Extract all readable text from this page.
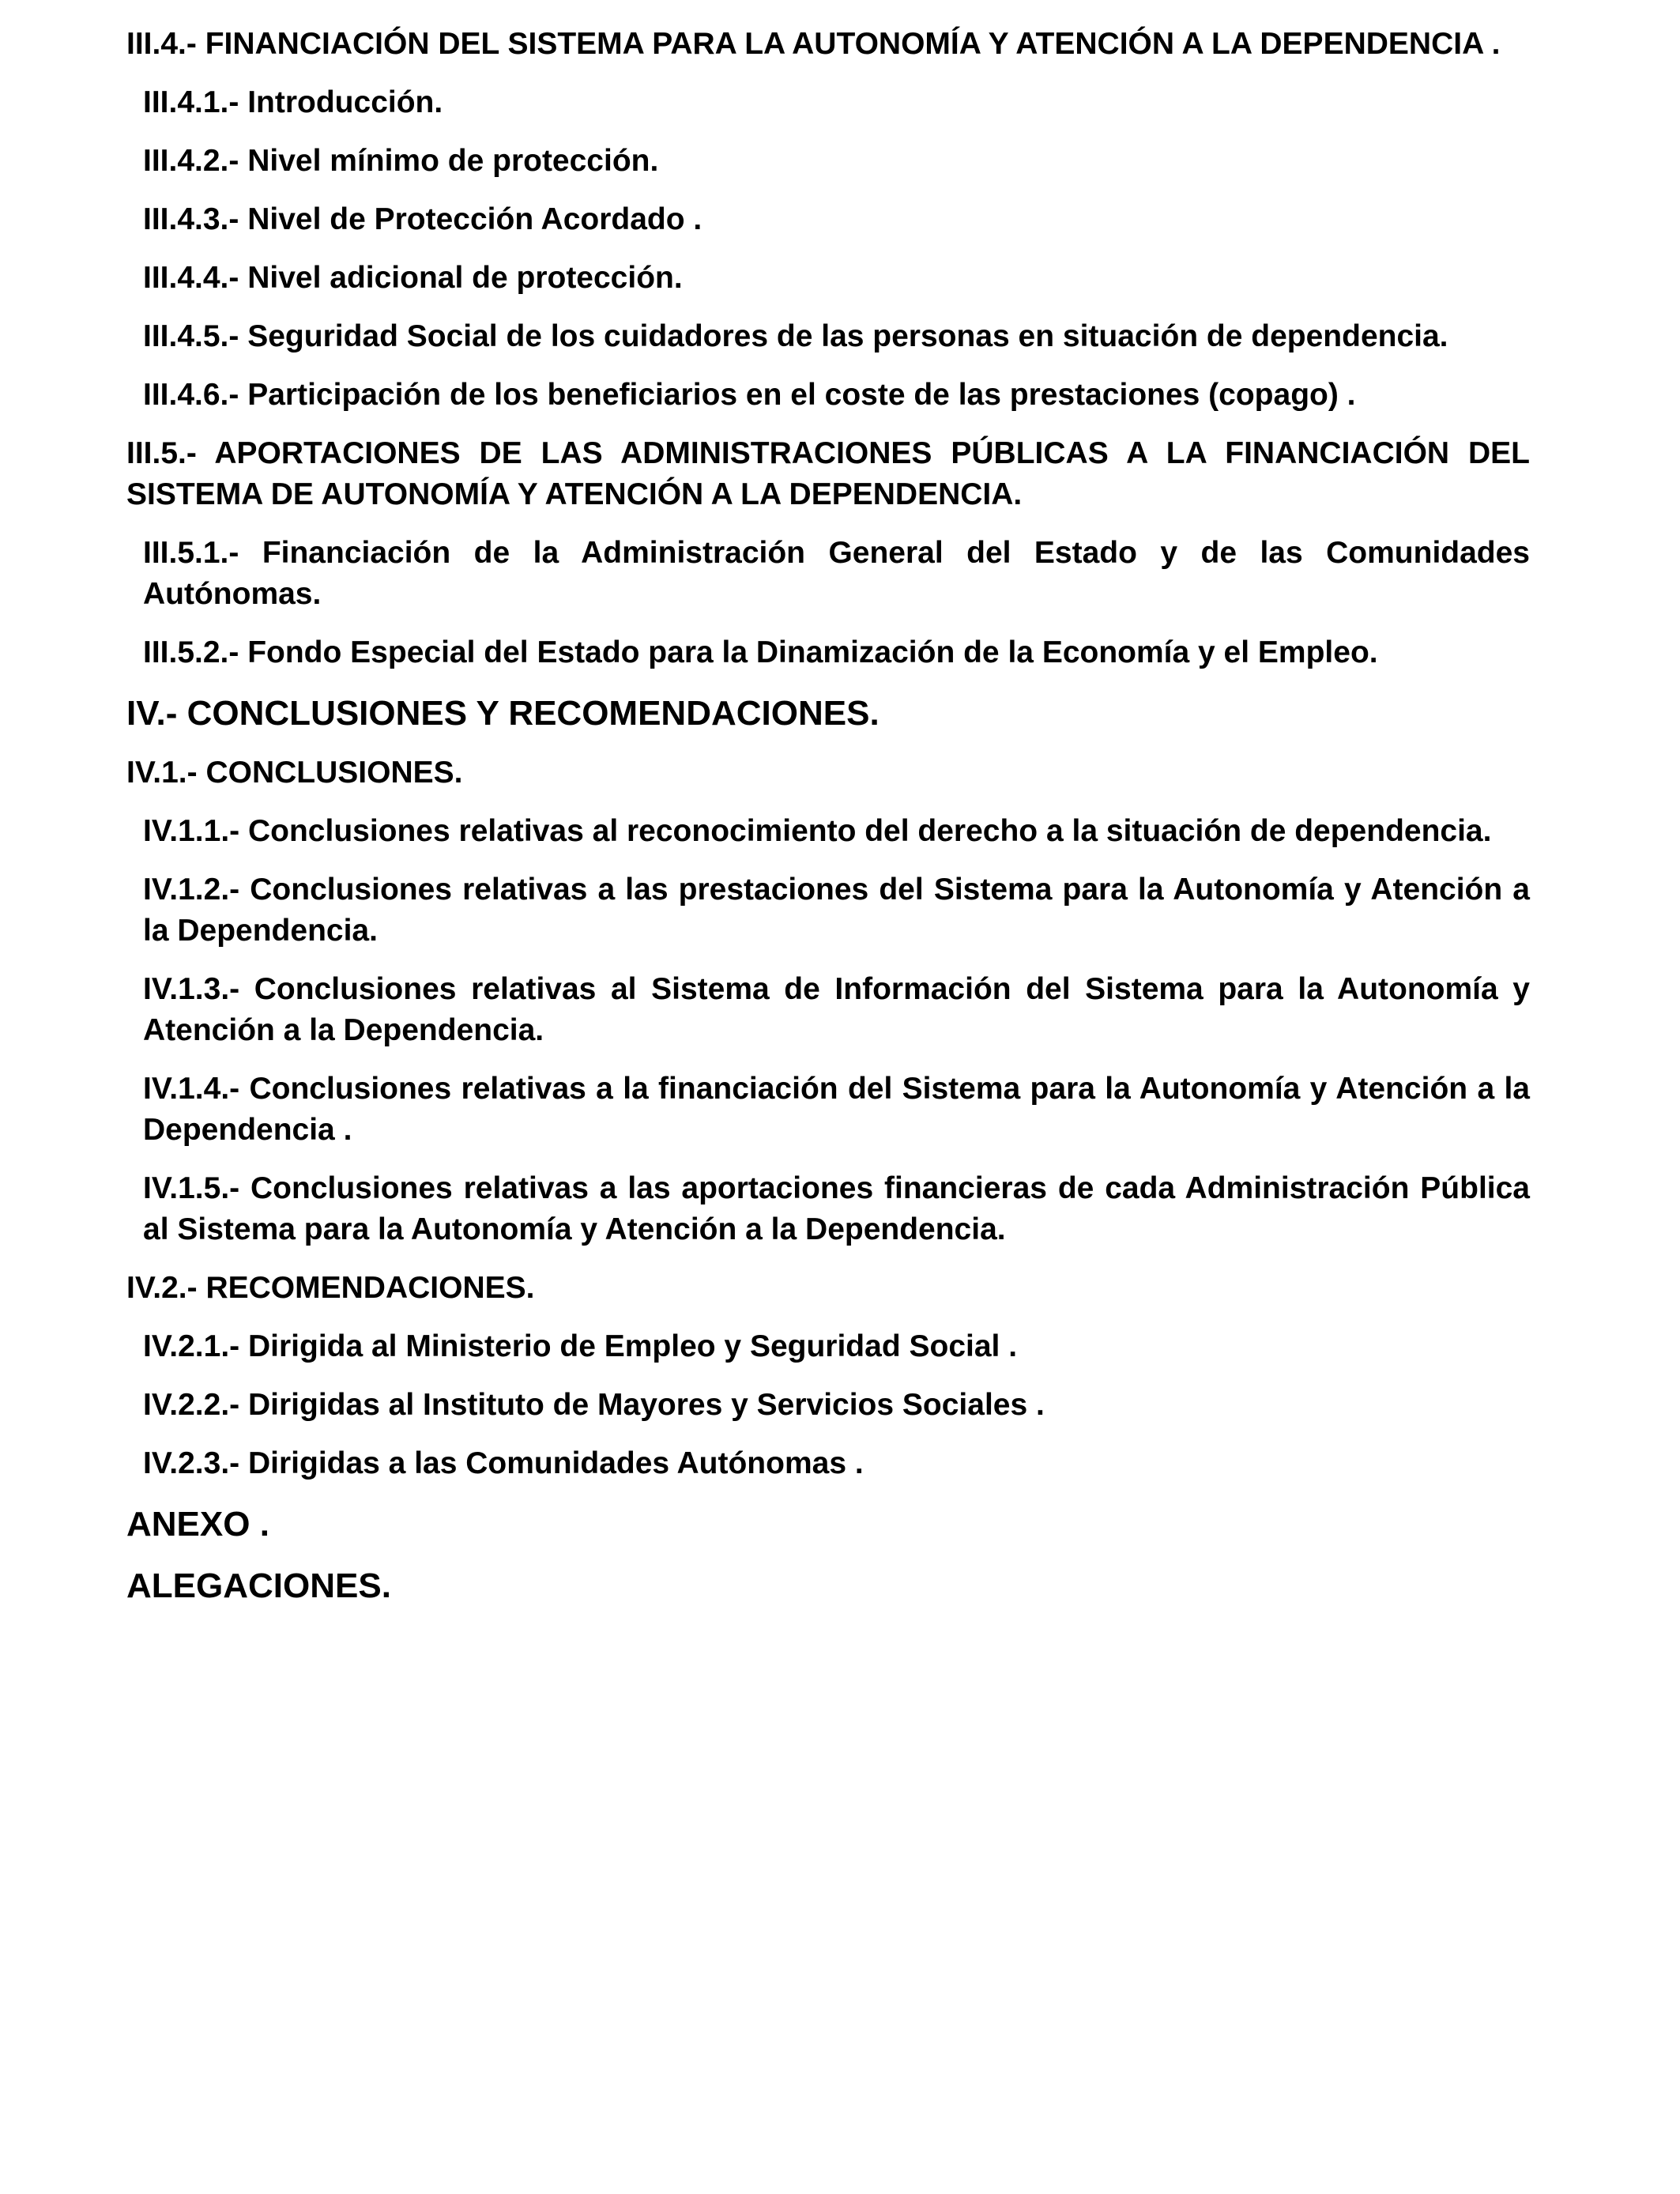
III.4.- FINANCIACIÓN DEL SISTEMA PARA LA AUTONOMÍA Y ATENCIÓN A LA DEPENDENCIA .

III.4.1.- Introducción.

III.4.2.- Nivel mínimo de protección.

III.4.3.- Nivel de Protección Acordado .

III.4.4.- Nivel adicional de protección.

III.4.5.- Seguridad Social de los cuidadores de las personas en situación de dependencia.

III.4.6.- Participación de los beneficiarios en el coste de las prestaciones (copago) .

III.5.- APORTACIONES DE LAS ADMINISTRACIONES PÚBLICAS A LA FINANCIACIÓN DEL SISTEMA DE AUTONOMÍA Y ATENCIÓN A LA DEPENDENCIA.

III.5.1.- Financiación de la Administración General del Estado y de las Comunidades Autónomas.

III.5.2.- Fondo Especial del Estado para la Dinamización de la Economía y el Empleo.

IV.- CONCLUSIONES Y RECOMENDACIONES.

IV.1.- CONCLUSIONES.

IV.1.1.- Conclusiones relativas al reconocimiento del derecho a la situación de dependencia.

IV.1.2.- Conclusiones relativas a las prestaciones del Sistema para la Autonomía y Atención a la Dependencia.

IV.1.3.- Conclusiones relativas al Sistema de Información del Sistema para la Autonomía y Atención a la Dependencia.

IV.1.4.- Conclusiones relativas a la financiación del Sistema para la Autonomía y Atención a la Dependencia .

IV.1.5.- Conclusiones relativas a las aportaciones financieras de cada Administración Pública al Sistema para la Autonomía y Atención a la Dependencia.

IV.2.- RECOMENDACIONES.

IV.2.1.- Dirigida al Ministerio de Empleo y Seguridad Social .

IV.2.2.- Dirigidas al Instituto de Mayores y Servicios Sociales .

IV.2.3.- Dirigidas a las Comunidades Autónomas .

ANEXO .

ALEGACIONES.
